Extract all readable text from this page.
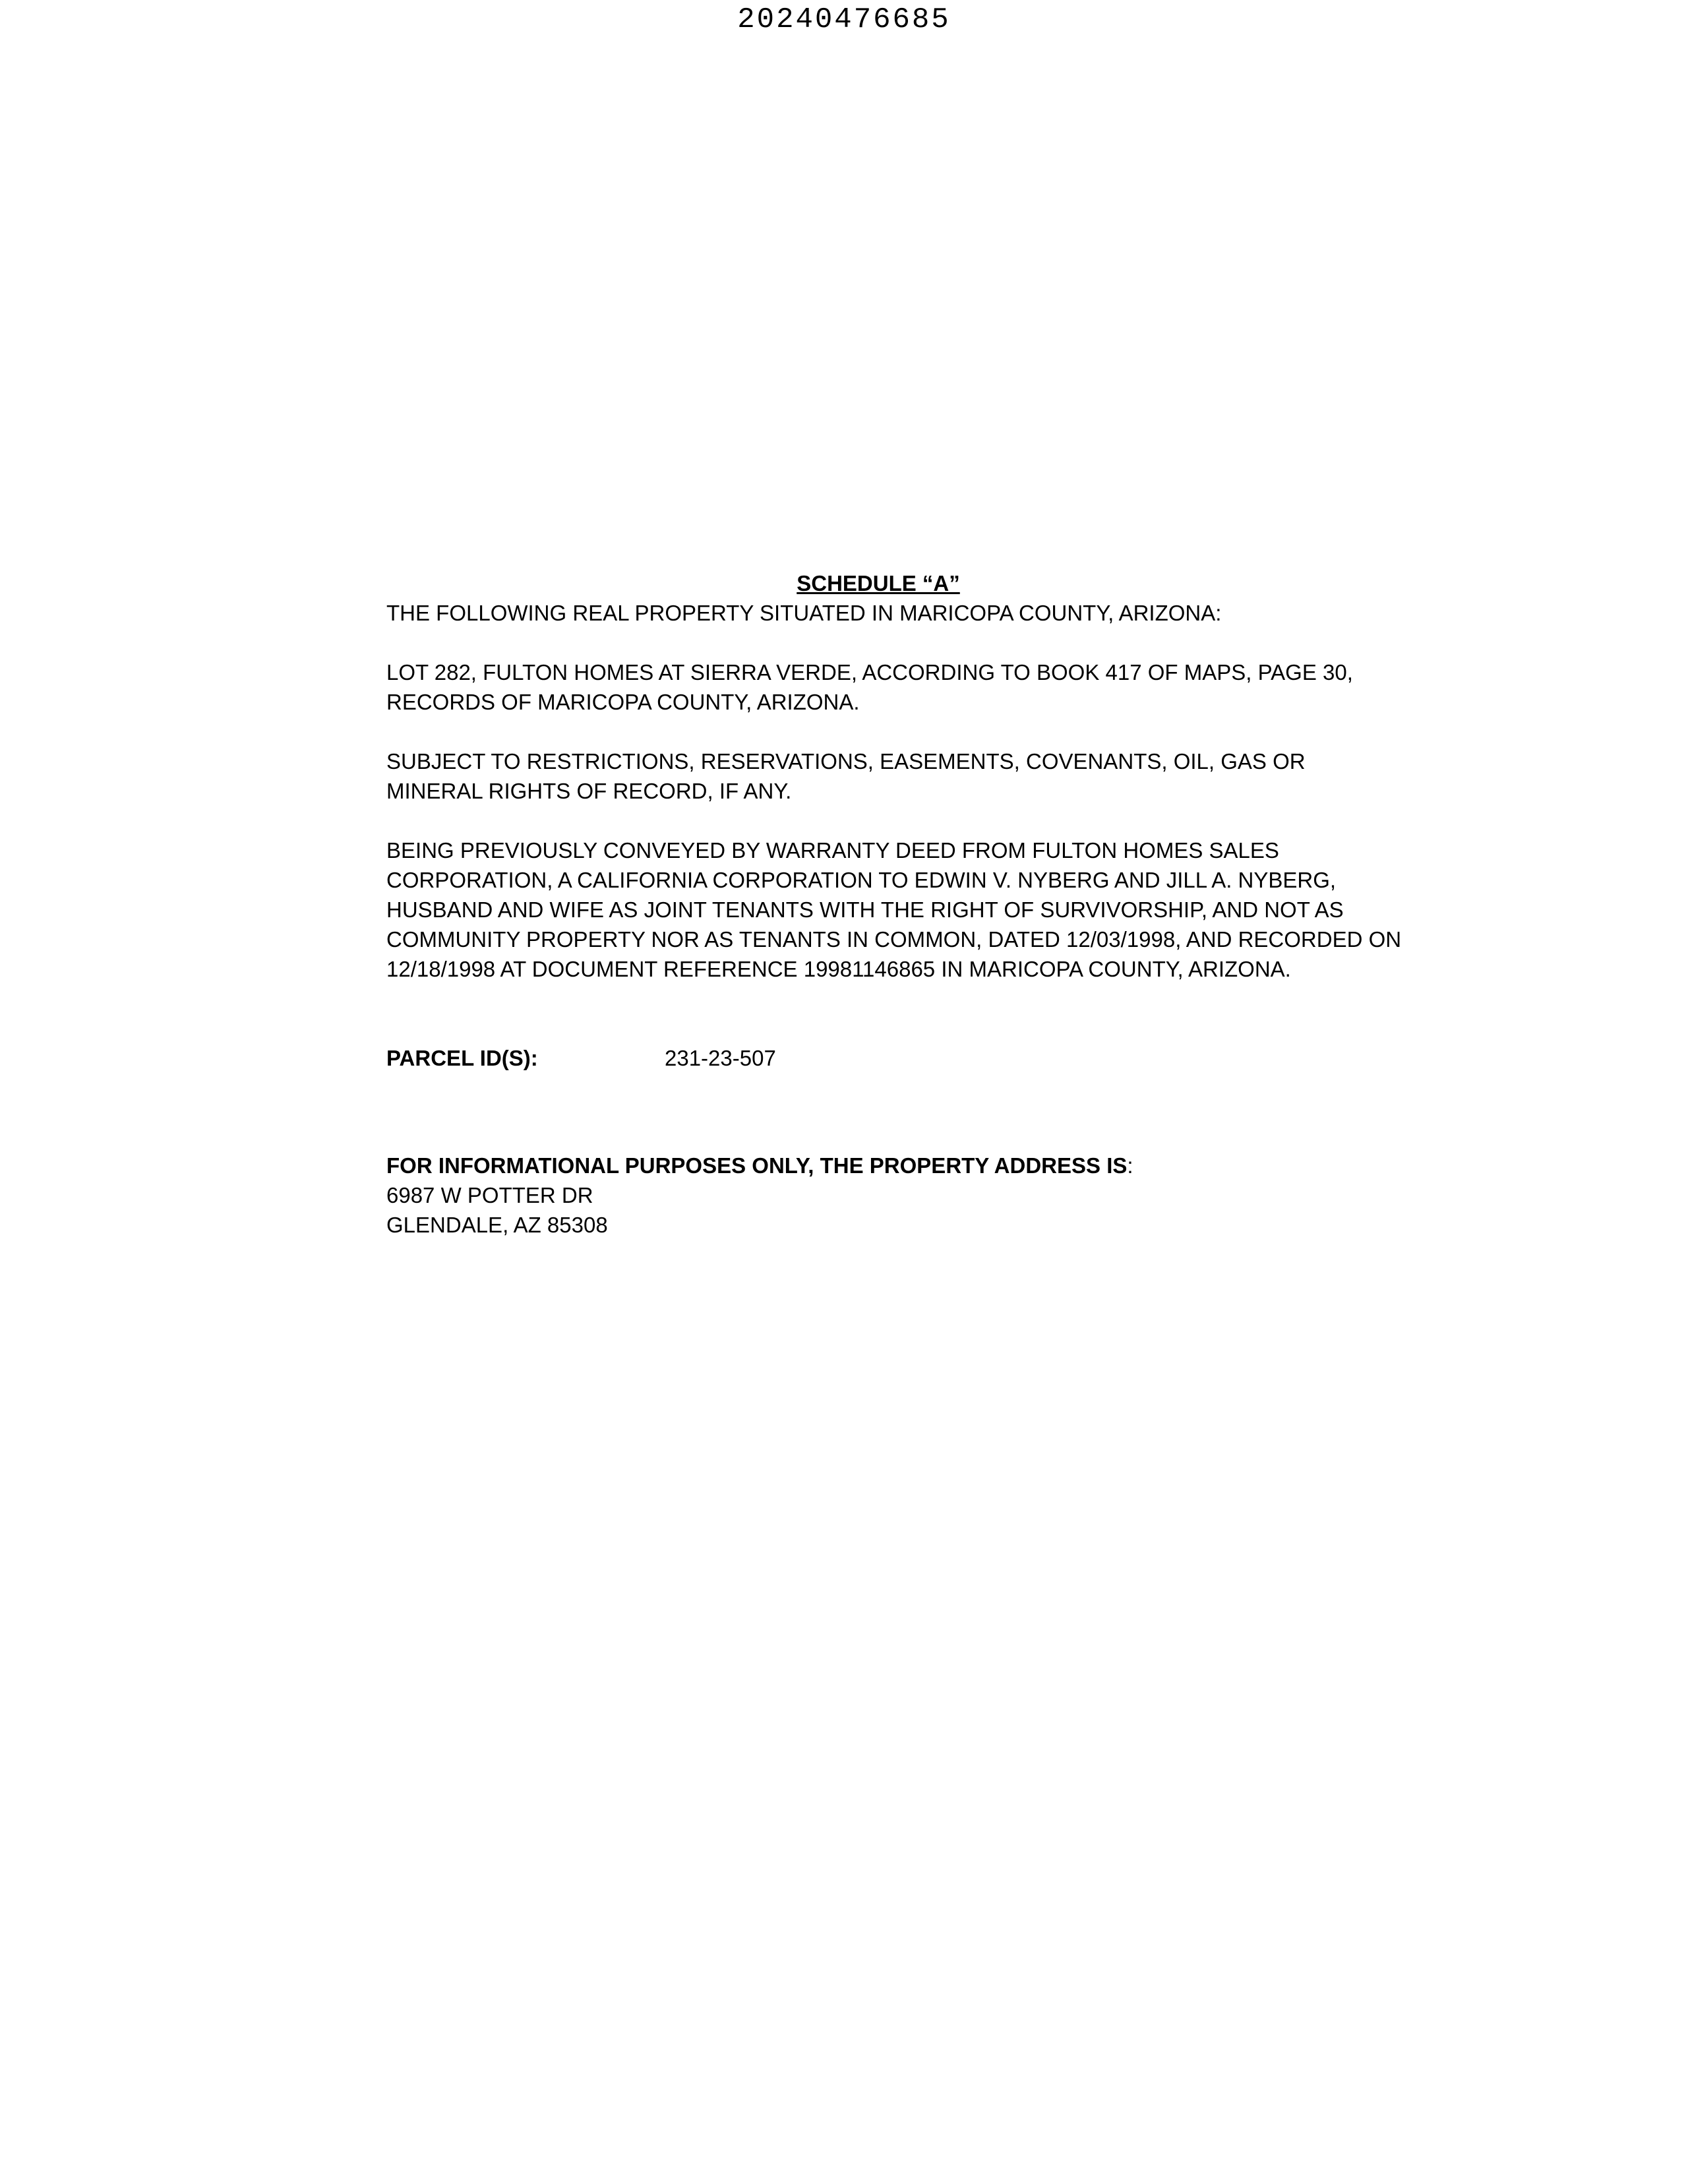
20240476685

SCHEDULE “A”

THE FOLLOWING REAL PROPERTY SITUATED IN MARICOPA COUNTY, ARIZONA:

LOT 282, FULTON HOMES AT SIERRA VERDE, ACCORDING TO BOOK 417 OF MAPS, PAGE 30, RECORDS OF MARICOPA COUNTY, ARIZONA.

SUBJECT TO RESTRICTIONS, RESERVATIONS, EASEMENTS, COVENANTS, OIL, GAS OR MINERAL RIGHTS OF RECORD, IF ANY.

BEING PREVIOUSLY CONVEYED BY WARRANTY DEED FROM FULTON HOMES SALES CORPORATION, A CALIFORNIA CORPORATION TO EDWIN V. NYBERG AND JILL A. NYBERG, HUSBAND AND WIFE AS JOINT TENANTS WITH THE RIGHT OF SURVIVORSHIP, AND NOT AS COMMUNITY PROPERTY NOR AS TENANTS IN COMMON, DATED 12/03/1998, AND RECORDED ON 12/18/1998 AT DOCUMENT REFERENCE 19981146865 IN MARICOPA COUNTY, ARIZONA.

PARCEL ID(S):	231-23-507

FOR INFORMATIONAL PURPOSES ONLY, THE PROPERTY ADDRESS IS:

6987 W POTTER DR

GLENDALE, AZ 85308
